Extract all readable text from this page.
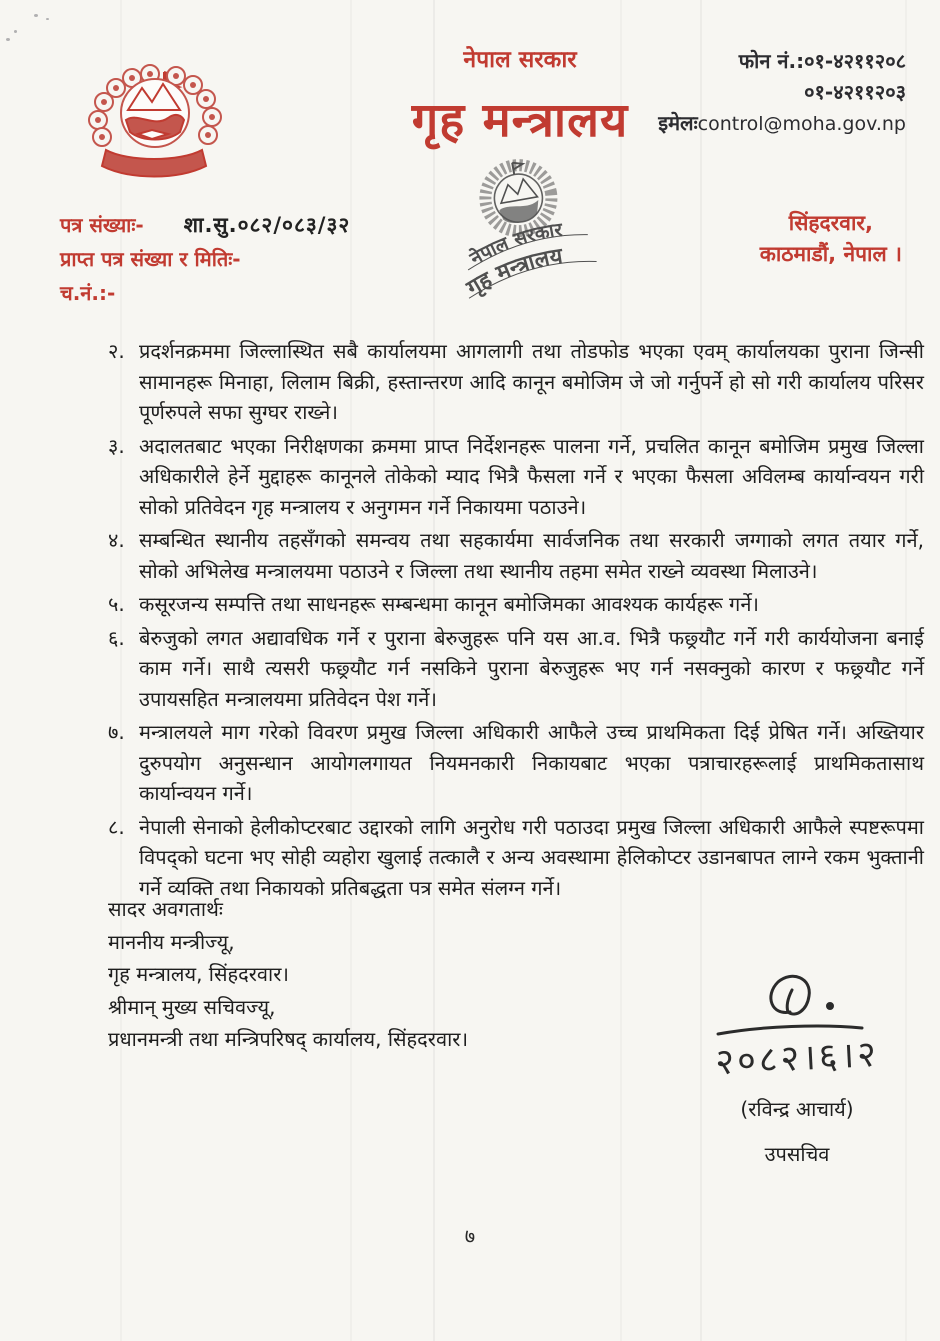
नेपाल सरकार
गृह मन्त्रालय
फोन नं.:०१-४२११२०८
०१-४२११२०३
इमेलःcontrol@moha.gov.np
नेपाल सरकार
गृह मन्त्रालय
पत्र संख्याः- शा.सु.०८२/०८३/३२
प्राप्त पत्र संख्या र मितिः-
च.नं.:-
सिंहदरवार,
काठमाडौं, नेपाल ।
२. प्रदर्शनक्रममा जिल्लास्थित सबै कार्यालयमा आगलागी तथा तोडफोड भएका एवम् कार्यालयका पुराना जिन्सी सामानहरू मिनाहा, लिलाम बिक्री, हस्तान्तरण आदि कानून बमोजिम जे जो गर्नुपर्ने हो सो गरी कार्यालय परिसर पूर्णरुपले सफा सुग्घर राख्ने।
३. अदालतबाट भएका निरीक्षणका क्रममा प्राप्त निर्देशनहरू पालना गर्ने, प्रचलित कानून बमोजिम प्रमुख जिल्ला अधिकारीले हेर्ने मुद्दाहरू कानूनले तोकेको म्याद भित्रै फैसला गर्ने र भएका फैसला अविलम्ब कार्यान्वयन गरी सोको प्रतिवेदन गृह मन्त्रालय र अनुगमन गर्ने निकायमा पठाउने।
४. सम्बन्धित स्थानीय तहसँगको समन्वय तथा सहकार्यमा सार्वजनिक तथा सरकारी जग्गाको लगत तयार गर्ने, सोको अभिलेख मन्त्रालयमा पठाउने र जिल्ला तथा स्थानीय तहमा समेत राख्ने व्यवस्था मिलाउने।
५. कसूरजन्य सम्पत्ति तथा साधनहरू सम्बन्धमा कानून बमोजिमका आवश्यक कार्यहरू गर्ने।
६. बेरुजुको लगत अद्यावधिक गर्ने र पुराना बेरुजुहरू पनि यस आ.व. भित्रै फछ्र्यौट गर्ने गरी कार्ययोजना बनाई काम गर्ने। साथै त्यसरी फछ्र्यौट गर्न नसकिने पुराना बेरुजुहरू भए गर्न नसक्नुको कारण र फछ्र्यौट गर्ने उपायसहित मन्त्रालयमा प्रतिवेदन पेश गर्ने।
७. मन्त्रालयले माग गरेको विवरण प्रमुख जिल्ला अधिकारी आफैले उच्च प्राथमिकता दिई प्रेषित गर्ने। अख्तियार दुरुपयोग अनुसन्धान आयोगलगायत नियमनकारी निकायबाट भएका पत्राचारहरूलाई प्राथमिकतासाथ कार्यान्वयन गर्ने।
८. नेपाली सेनाको हेलीकोप्टरबाट उद्दारको लागि अनुरोध गरी पठाउदा प्रमुख जिल्ला अधिकारी आफैले स्पष्टरूपमा विपद्को घटना भए सोही व्यहोरा खुलाई तत्कालै र अन्य अवस्थामा हेलिकोप्टर उडानबापत लाग्ने रकम भुक्तानी गर्ने व्यक्ति तथा निकायको प्रतिबद्धता पत्र समेत संलग्न गर्ने।
सादर अवगतार्थः
माननीय मन्त्रीज्यू,
गृह मन्त्रालय, सिंहदरवार।
श्रीमान् मुख्य सचिवज्यू,
प्रधानमन्त्री तथा मन्त्रिपरिषद् कार्यालय, सिंहदरवार।	२०८२।६।२
(रविन्द्र आचार्य)
उपसचिव
७
